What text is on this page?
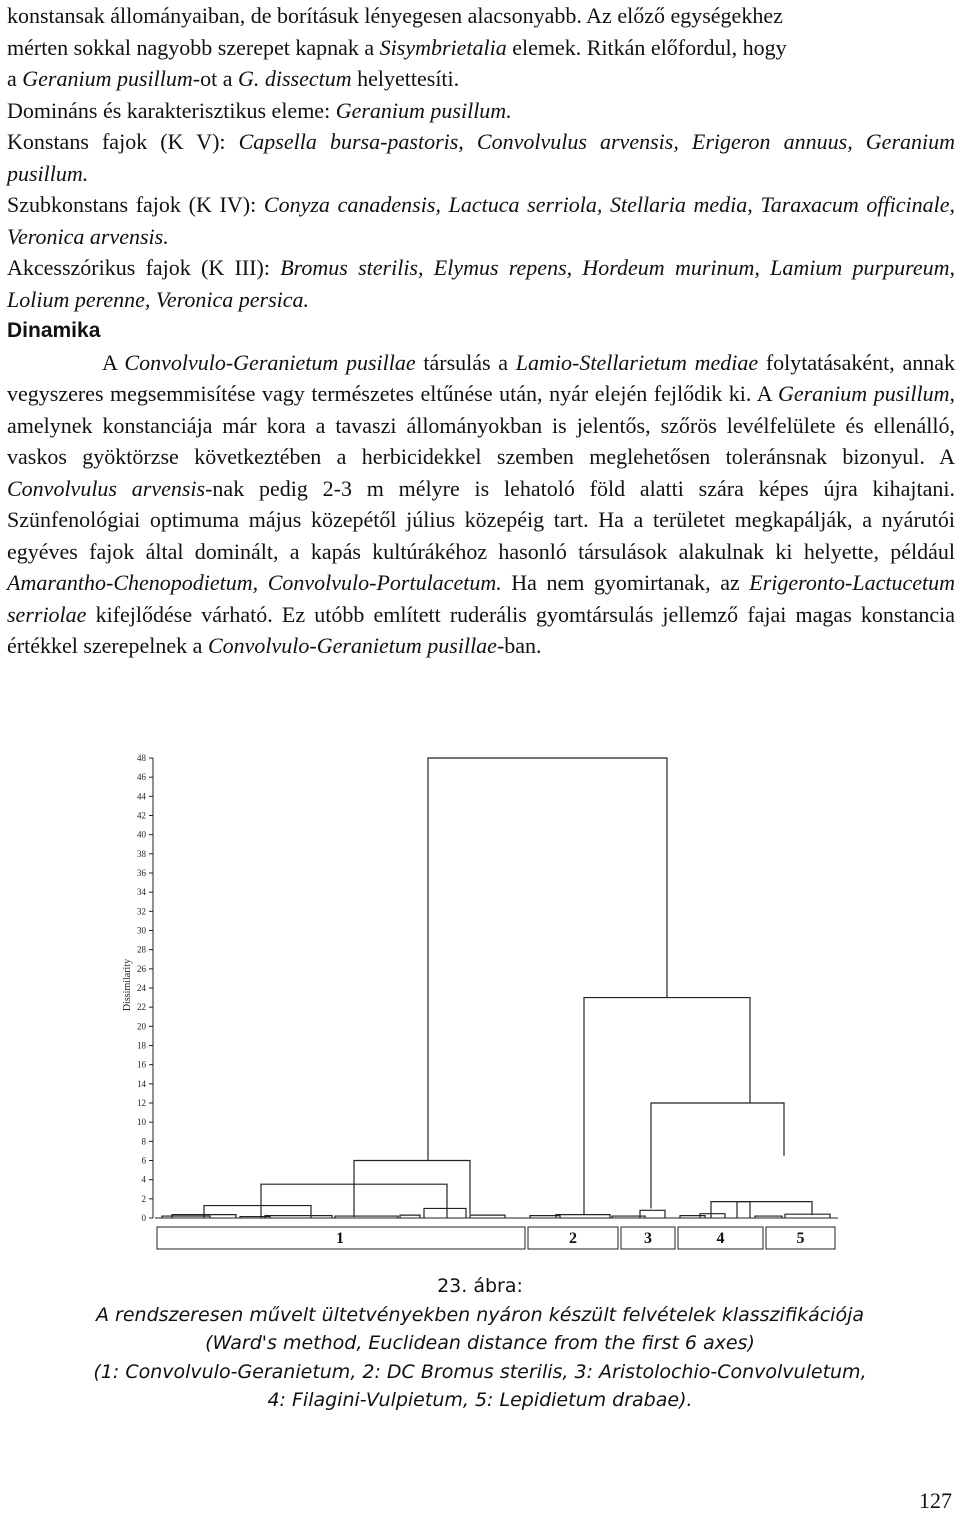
konstansak állományaiban, de borításuk lényegesen alacsonyabb. Az előző egységekhez
mérten sokkal nagyobb szerepet kapnak a Sisymbrietalia elemek. Ritkán előfordul, hogy
a Geranium pusillum-ot a G. dissectum helyettesíti.

Domináns és karakterisztikus eleme: Geranium pusillum.

Konstans fajok (K V): Capsella bursa-pastoris, Convolvulus arvensis, Erigeron annuus, Geranium pusillum.

Szubkonstans fajok (K IV): Conyza canadensis, Lactuca serriola, Stellaria media, Taraxacum officinale, Veronica arvensis.

Akcesszórikus fajok (K III): Bromus sterilis, Elymus repens, Hordeum murinum, Lamium purpureum, Lolium perenne, Veronica persica.

Dinamika

A Convolvulo-Geranietum pusillae társulás a Lamio-Stellarietum mediae folytatásaként, annak vegyszeres megsemmisítése vagy természetes eltűnése után, nyár elején fejlődik ki. A Geranium pusillum, amelynek konstanciája már kora a tavaszi állományokban is jelentős, szőrös levélfelülete és ellenálló, vaskos gyöktörzse következtében a herbicidekkel szemben meglehetősen toleránsnak bizonyul. A Convolvulus arvensis-nak pedig 2-3 m mélyre is lehatoló föld alatti szára képes újra kihajtani. Szünfenológiai optimuma május közepétől július közepéig tart. Ha a területet megkapálják, a nyárutói egyéves fajok által dominált, a kapás kultúrákéhoz hasonló társulások alakulnak ki helyette, például Amarantho-Chenopodietum, Convolvulo-Portulacetum. Ha nem gyomirtanak, az Erigeronto-Lactucetum serriolae kifejlődése várható. Ez utóbb említett ruderális gyomtársulás jellemző fajai magas konstancia értékkel szerepelnek a Convolvulo-Geranietum pusillae-ban.

0
2
4
6
8
10
12
14
16
18
20
22
24
26
28
30
32
34
36
38
40
42
44
46
48
Dissimilarity
1	2	3	4	5
23. ábra:
A rendszeresen művelt ültetvényekben nyáron készült felvételek klasszifikációja
(Ward's method, Euclidean distance from the first 6 axes)
(1: Convolvulo-Geranietum, 2: DC Bromus sterilis, 3: Aristolochio-Convolvuletum,
4: Filagini-Vulpietum, 5: Lepidietum drabae).
127
